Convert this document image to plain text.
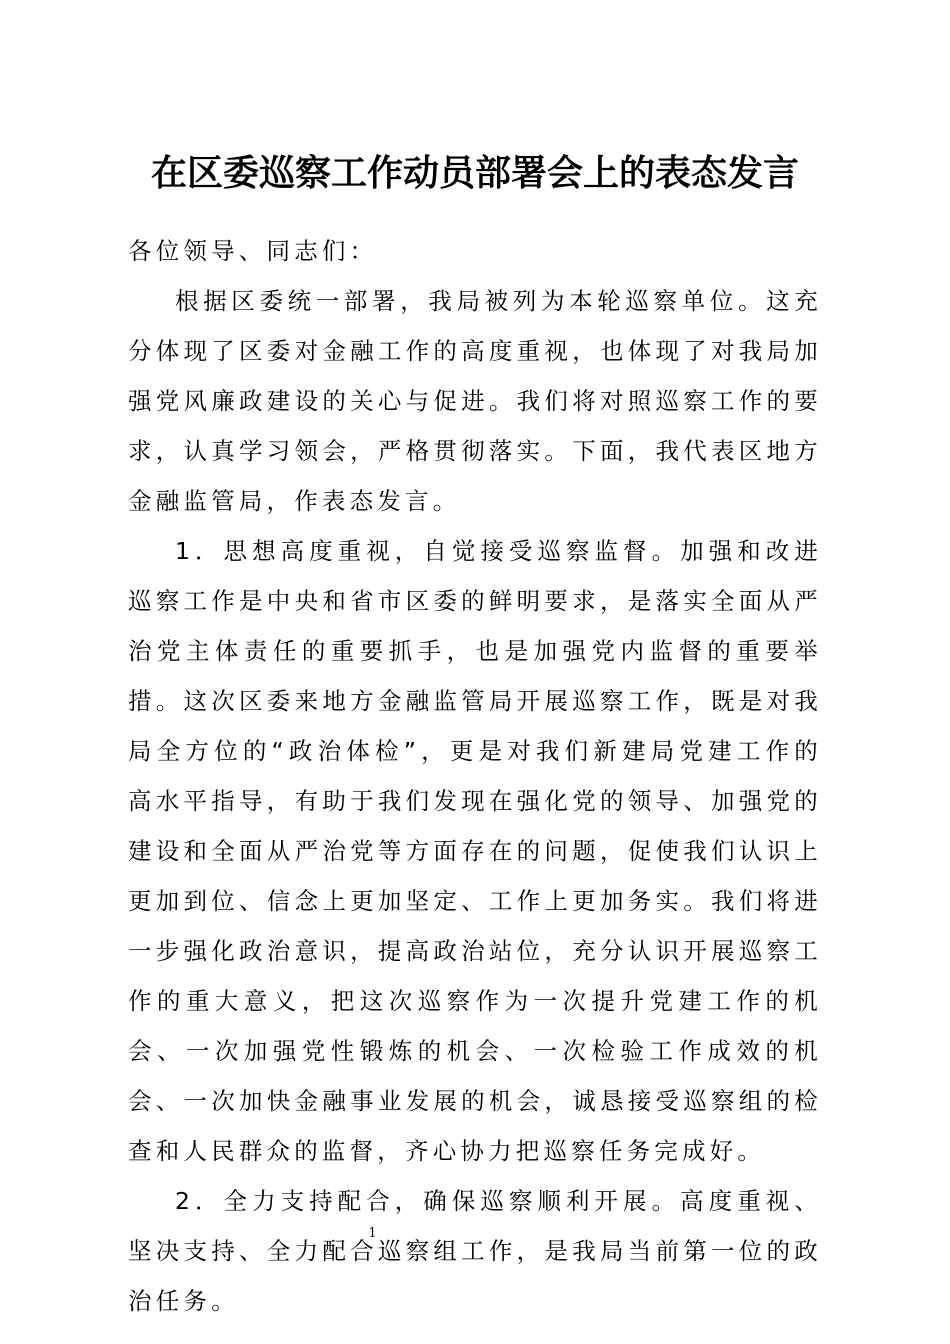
在区委巡察工作动员部署会上的表态发言

各位领导、同志们：

根据区委统一部署，我局被列为本轮巡察单位。这充分体现了区委对金融工作的高度重视，也体现了对我局加强党风廉政建设的关心与促进。我们将对照巡察工作的要求，认真学习领会，严格贯彻落实。下面，我代表区地方金融监管局，作表态发言。

1．思想高度重视，自觉接受巡察监督。加强和改进巡察工作是中央和省市区委的鲜明要求，是落实全面从严治党主体责任的重要抓手，也是加强党内监督的重要举措。这次区委来地方金融监管局开展巡察工作，既是对我局全方位的“政治体检”，更是对我们新建局党建工作的高水平指导，有助于我们发现在强化党的领导、加强党的建设和全面从严治党等方面存在的问题，促使我们认识上更加到位、信念上更加坚定、工作上更加务实。我们将进一步强化政治意识，提高政治站位，充分认识开展巡察工作的重大意义，把这次巡察作为一次提升党建工作的机会、一次加强党性锻炼的机会、一次检验工作成效的机会、一次加快金融事业发展的机会，诚恳接受巡察组的检查和人民群众的监督，齐心协力把巡察任务完成好。

2．全力支持配合，确保巡察顺利开展。高度重视、坚决支持、全力配合巡察组工作，是我局当前第一位的政治任务。

1
